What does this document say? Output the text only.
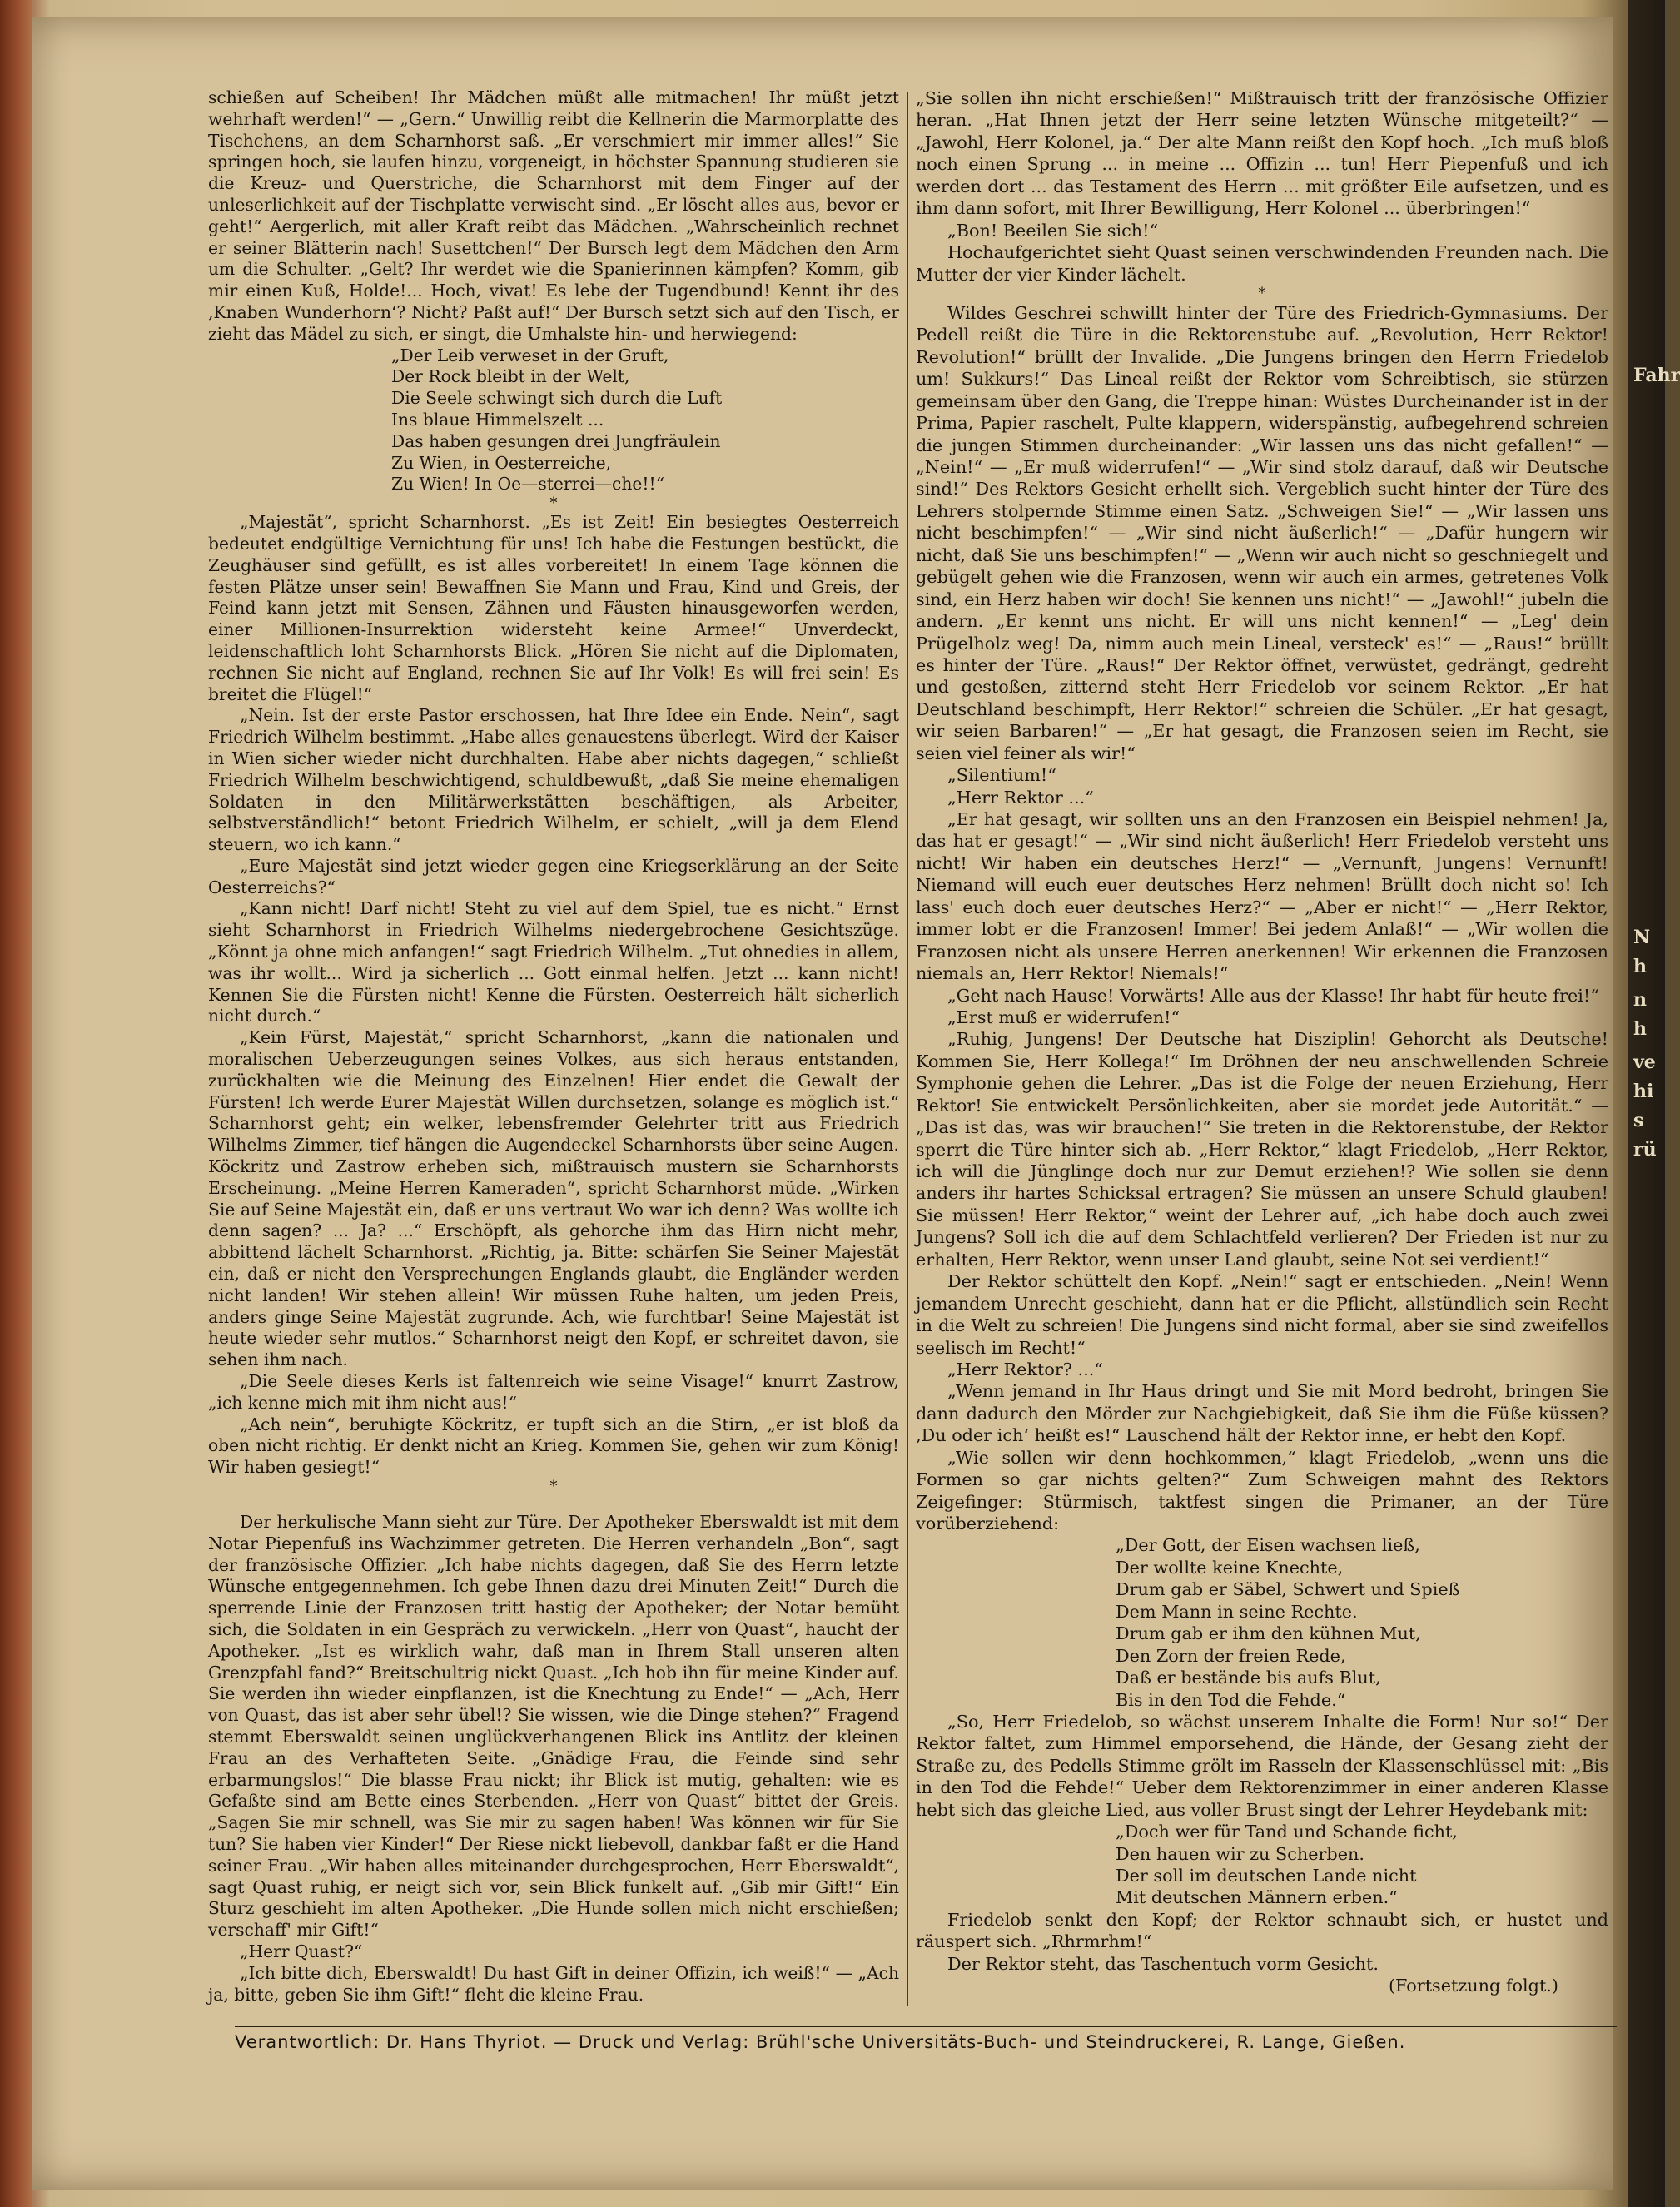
Fahr
N
h
n
h
ve
hi
s
rü

schießen auf Scheiben! Ihr Mädchen müßt alle mitmachen! Ihr müßt jetzt wehrhaft werden!“ — „Gern.“ Unwillig reibt die Kellnerin die Marmorplatte des Tischchens, an dem Scharnhorst saß. „Er verschmiert mir immer alles!“ Sie springen hoch, sie laufen hinzu, vorgeneigt, in höchster Spannung studieren sie die Kreuz- und Querstriche, die Scharnhorst mit dem Finger auf der unleserlichkeit auf der Tischplatte verwischt sind. „Er löscht alles aus, bevor er geht!“ Aergerlich, mit aller Kraft reibt das Mädchen. „Wahrscheinlich rechnet er seiner Blätterin nach! Susettchen!“ Der Bursch legt dem Mädchen den Arm um die Schulter. „Gelt? Ihr werdet wie die Spanierinnen kämpfen? Komm, gib mir einen Kuß, Holde!... Hoch, vivat! Es lebe der Tugendbund! Kennt ihr des ‚Knaben Wunderhorn‘? Nicht? Paßt auf!“ Der Bursch setzt sich auf den Tisch, er zieht das Mädel zu sich, er singt, die Umhalste hin- und herwiegend:

„Der Leib verweset in der Gruft,

Der Rock bleibt in der Welt,

Die Seele schwingt sich durch die Luft

Ins blaue Himmelszelt ...

Das haben gesungen drei Jungfräulein

Zu Wien, in Oesterreiche,

Zu Wien! In Oe—sterrei—che!!“

*

„Majestät“, spricht Scharnhorst. „Es ist Zeit! Ein besiegtes Oesterreich bedeutet endgültige Vernichtung für uns! Ich habe die Festungen bestückt, die Zeughäuser sind gefüllt, es ist alles vorbereitet! In einem Tage können die festen Plätze unser sein! Bewaffnen Sie Mann und Frau, Kind und Greis, der Feind kann jetzt mit Sensen, Zähnen und Fäusten hinausgeworfen werden, einer Millionen-Insurrektion widersteht keine Armee!“ Unverdeckt, leidenschaftlich loht Scharnhorsts Blick. „Hören Sie nicht auf die Diplomaten, rechnen Sie nicht auf England, rechnen Sie auf Ihr Volk! Es will frei sein! Es breitet die Flügel!“

„Nein. Ist der erste Pastor erschossen, hat Ihre Idee ein Ende. Nein“, sagt Friedrich Wilhelm bestimmt. „Habe alles genauestens überlegt. Wird der Kaiser in Wien sicher wieder nicht durchhalten. Habe aber nichts dagegen,“ schließt Friedrich Wilhelm beschwichtigend, schuldbewußt, „daß Sie meine ehemaligen Soldaten in den Militärwerkstätten beschäftigen, als Arbeiter, selbstverständlich!“ betont Friedrich Wilhelm, er schielt, „will ja dem Elend steuern, wo ich kann.“

„Eure Majestät sind jetzt wieder gegen eine Kriegserklärung an der Seite Oesterreichs?“

„Kann nicht! Darf nicht! Steht zu viel auf dem Spiel, tue es nicht.“ Ernst sieht Scharnhorst in Friedrich Wilhelms niedergebrochene Gesichtszüge. „Könnt ja ohne mich anfangen!“ sagt Friedrich Wilhelm. „Tut ohnedies in allem, was ihr wollt... Wird ja sicherlich ... Gott einmal helfen. Jetzt ... kann nicht! Kennen Sie die Fürsten nicht! Kenne die Fürsten. Oesterreich hält sicherlich nicht durch.“

„Kein Fürst, Majestät,“ spricht Scharnhorst, „kann die nationalen und moralischen Ueberzeugungen seines Volkes, aus sich heraus entstanden, zurückhalten wie die Meinung des Einzelnen! Hier endet die Gewalt der Fürsten! Ich werde Eurer Majestät Willen durchsetzen, solange es möglich ist.“ Scharnhorst geht; ein welker, lebensfremder Gelehrter tritt aus Friedrich Wilhelms Zimmer, tief hängen die Augendeckel Scharnhorsts über seine Augen. Köckritz und Zastrow erheben sich, mißtrauisch mustern sie Scharnhorsts Erscheinung. „Meine Herren Kameraden“, spricht Scharnhorst müde. „Wirken Sie auf Seine Majestät ein, daß er uns vertraut Wo war ich denn? Was wollte ich denn sagen? ... Ja? ...“ Erschöpft, als gehorche ihm das Hirn nicht mehr, abbittend lächelt Scharnhorst. „Richtig, ja. Bitte: schärfen Sie Seiner Majestät ein, daß er nicht den Versprechungen Englands glaubt, die Engländer werden nicht landen! Wir stehen allein! Wir müssen Ruhe halten, um jeden Preis, anders ginge Seine Majestät zugrunde. Ach, wie furchtbar! Seine Majestät ist heute wieder sehr mutlos.“ Scharnhorst neigt den Kopf, er schreitet davon, sie sehen ihm nach.

„Die Seele dieses Kerls ist faltenreich wie seine Visage!“ knurrt Zastrow, „ich kenne mich mit ihm nicht aus!“

„Ach nein“, beruhigte Köckritz, er tupft sich an die Stirn, „er ist bloß da oben nicht richtig. Er denkt nicht an Krieg. Kommen Sie, gehen wir zum König! Wir haben gesiegt!“

*

Der herkulische Mann sieht zur Türe. Der Apotheker Eberswaldt ist mit dem Notar Piepenfuß ins Wachzimmer getreten. Die Herren verhandeln „Bon“, sagt der französische Offizier. „Ich habe nichts dagegen, daß Sie des Herrn letzte Wünsche entgegennehmen. Ich gebe Ihnen dazu drei Minuten Zeit!“ Durch die sperrende Linie der Franzosen tritt hastig der Apotheker; der Notar bemüht sich, die Soldaten in ein Gespräch zu verwickeln. „Herr von Quast“, haucht der Apotheker. „Ist es wirklich wahr, daß man in Ihrem Stall unseren alten Grenzpfahl fand?“ Breitschultrig nickt Quast. „Ich hob ihn für meine Kinder auf. Sie werden ihn wieder einpflanzen, ist die Knechtung zu Ende!“ — „Ach, Herr von Quast, das ist aber sehr übel!? Sie wissen, wie die Dinge stehen?“ Fragend stemmt Eberswaldt seinen unglückverhangenen Blick ins Antlitz der kleinen Frau an des Verhafteten Seite. „Gnädige Frau, die Feinde sind sehr erbarmungslos!“ Die blasse Frau nickt; ihr Blick ist mutig, gehalten: wie es Gefaßte sind am Bette eines Sterbenden. „Herr von Quast“ bittet der Greis. „Sagen Sie mir schnell, was Sie mir zu sagen haben! Was können wir für Sie tun? Sie haben vier Kinder!“ Der Riese nickt liebevoll, dankbar faßt er die Hand seiner Frau. „Wir haben alles miteinander durchgesprochen, Herr Eberswaldt“, sagt Quast ruhig, er neigt sich vor, sein Blick funkelt auf. „Gib mir Gift!“ Ein Sturz geschieht im alten Apotheker. „Die Hunde sollen mich nicht erschießen; verschaff' mir Gift!“

„Herr Quast?“

„Ich bitte dich, Eberswaldt! Du hast Gift in deiner Offizin, ich weiß!“ — „Ach ja, bitte, geben Sie ihm Gift!“ fleht die kleine Frau.

„Sie sollen ihn nicht erschießen!“ Mißtrauisch tritt der französische Offizier heran. „Hat Ihnen jetzt der Herr seine letzten Wünsche mitgeteilt?“ — „Jawohl, Herr Kolonel, ja.“ Der alte Mann reißt den Kopf hoch. „Ich muß bloß noch einen Sprung ... in meine ... Offizin ... tun! Herr Piepenfuß und ich werden dort ... das Testament des Herrn ... mit größter Eile aufsetzen, und es ihm dann sofort, mit Ihrer Bewilligung, Herr Kolonel ... überbringen!“

„Bon! Beeilen Sie sich!“

Hochaufgerichtet sieht Quast seinen verschwindenden Freunden nach. Die Mutter der vier Kinder lächelt.

*

Wildes Geschrei schwillt hinter der Türe des Friedrich-Gymnasiums. Der Pedell reißt die Türe in die Rektorenstube auf. „Revolution, Herr Rektor! Revolution!“ brüllt der Invalide. „Die Jungens bringen den Herrn Friedelob um! Sukkurs!“ Das Lineal reißt der Rektor vom Schreibtisch, sie stürzen gemeinsam über den Gang, die Treppe hinan: Wüstes Durcheinander ist in der Prima, Papier raschelt, Pulte klappern, widerspänstig, aufbegehrend schreien die jungen Stimmen durcheinander: „Wir lassen uns das nicht gefallen!“ — „Nein!“ — „Er muß widerrufen!“ — „Wir sind stolz darauf, daß wir Deutsche sind!“ Des Rektors Gesicht erhellt sich. Vergeblich sucht hinter der Türe des Lehrers stolpernde Stimme einen Satz. „Schweigen Sie!“ — „Wir lassen uns nicht beschimpfen!“ — „Wir sind nicht äußerlich!“ — „Dafür hungern wir nicht, daß Sie uns beschimpfen!“ — „Wenn wir auch nicht so geschniegelt und gebügelt gehen wie die Franzosen, wenn wir auch ein armes, getretenes Volk sind, ein Herz haben wir doch! Sie kennen uns nicht!“ — „Jawohl!“ jubeln die andern. „Er kennt uns nicht. Er will uns nicht kennen!“ — „Leg' dein Prügelholz weg! Da, nimm auch mein Lineal, versteck' es!“ — „Raus!“ brüllt es hinter der Türe. „Raus!“ Der Rektor öffnet, verwüstet, gedrängt, gedreht und gestoßen, zitternd steht Herr Friedelob vor seinem Rektor. „Er hat Deutschland beschimpft, Herr Rektor!“ schreien die Schüler. „Er hat gesagt, wir seien Barbaren!“ — „Er hat gesagt, die Franzosen seien im Recht, sie seien viel feiner als wir!“

„Silentium!“

„Herr Rektor ...“

„Er hat gesagt, wir sollten uns an den Franzosen ein Beispiel nehmen! Ja, das hat er gesagt!“ — „Wir sind nicht äußerlich! Herr Friedelob versteht uns nicht! Wir haben ein deutsches Herz!“ — „Vernunft, Jungens! Vernunft! Niemand will euch euer deutsches Herz nehmen! Brüllt doch nicht so! Ich lass' euch doch euer deutsches Herz?“ — „Aber er nicht!“ — „Herr Rektor, immer lobt er die Franzosen! Immer! Bei jedem Anlaß!“ — „Wir wollen die Franzosen nicht als unsere Herren anerkennen! Wir erkennen die Franzosen niemals an, Herr Rektor! Niemals!“

„Geht nach Hause! Vorwärts! Alle aus der Klasse! Ihr habt für heute frei!“

„Erst muß er widerrufen!“

„Ruhig, Jungens! Der Deutsche hat Disziplin! Gehorcht als Deutsche! Kommen Sie, Herr Kollega!“ Im Dröhnen der neu anschwellenden Schreie Symphonie gehen die Lehrer. „Das ist die Folge der neuen Erziehung, Herr Rektor! Sie entwickelt Persönlichkeiten, aber sie mordet jede Autorität.“ — „Das ist das, was wir brauchen!“ Sie treten in die Rektorenstube, der Rektor sperrt die Türe hinter sich ab. „Herr Rektor,“ klagt Friedelob, „Herr Rektor, ich will die Jünglinge doch nur zur Demut erziehen!? Wie sollen sie denn anders ihr hartes Schicksal ertragen? Sie müssen an unsere Schuld glauben! Sie müssen! Herr Rektor,“ weint der Lehrer auf, „ich habe doch auch zwei Jungens? Soll ich die auf dem Schlachtfeld verlieren? Der Frieden ist nur zu erhalten, Herr Rektor, wenn unser Land glaubt, seine Not sei verdient!“

Der Rektor schüttelt den Kopf. „Nein!“ sagt er entschieden. „Nein! Wenn jemandem Unrecht geschieht, dann hat er die Pflicht, allstündlich sein Recht in die Welt zu schreien! Die Jungens sind nicht formal, aber sie sind zweifellos seelisch im Recht!“

„Herr Rektor? ...“

„Wenn jemand in Ihr Haus dringt und Sie mit Mord bedroht, bringen Sie dann dadurch den Mörder zur Nachgiebigkeit, daß Sie ihm die Füße küssen? ‚Du oder ich‘ heißt es!“ Lauschend hält der Rektor inne, er hebt den Kopf.

„Wie sollen wir denn hochkommen,“ klagt Friedelob, „wenn uns die Formen so gar nichts gelten?“ Zum Schweigen mahnt des Rektors Zeigefinger: Stürmisch, taktfest singen die Primaner, an der Türe vorüberziehend:

„Der Gott, der Eisen wachsen ließ,

Der wollte keine Knechte,

Drum gab er Säbel, Schwert und Spieß

Dem Mann in seine Rechte.

Drum gab er ihm den kühnen Mut,

Den Zorn der freien Rede,

Daß er bestände bis aufs Blut,

Bis in den Tod die Fehde.“

„So, Herr Friedelob, so wächst unserem Inhalte die Form! Nur so!“ Der Rektor faltet, zum Himmel emporsehend, die Hände, der Gesang zieht der Straße zu, des Pedells Stimme grölt im Rasseln der Klassenschlüssel mit: „Bis in den Tod die Fehde!“ Ueber dem Rektorenzimmer in einer anderen Klasse hebt sich das gleiche Lied, aus voller Brust singt der Lehrer Heydebank mit:

„Doch wer für Tand und Schande ficht,

Den hauen wir zu Scherben.

Der soll im deutschen Lande nicht

Mit deutschen Männern erben.“

Friedelob senkt den Kopf; der Rektor schnaubt sich, er hustet und räuspert sich. „Rhrmrhm!“

Der Rektor steht, das Taschentuch vorm Gesicht.

(Fortsetzung folgt.)

Verantwortlich: Dr. Hans Thyriot. — Druck und Verlag: Brühl'sche Universitäts-Buch- und Steindruckerei, R. Lange, Gießen.
